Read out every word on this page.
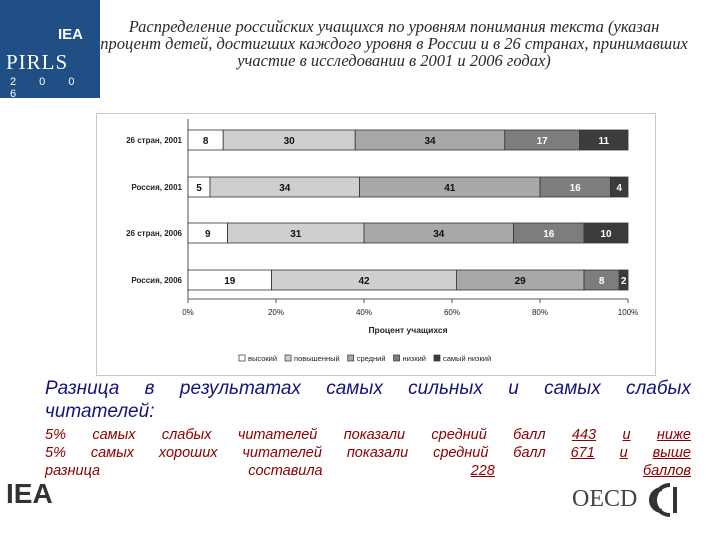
IEA
PIRLS
2 0 0 6
Распределение российских учащихся по уровням понимания текста (указан процент детей, достигших каждого уровня в России и в 26 странах, принимавших участие в исследовании в 2001 и 2006 годах)
26 стран, 2001 8	30	34	17	11
Россия, 2001 5	34	41	16	4
26 стран, 2006 9	31	34	16	10
Россия, 2006	19	42	29	8 2
0%	20%	40%	60%	80%	100%
Процент учащихся
высокий повышенный средний низкий самый низкий
Разница в результатах самых сильных и самых слабых
читателей:
5% самых слабых читателей показали средний балл 443 и ниже
5% самых хороших читателей показали средний балл 671 и выше
разница	составила	228	баллов
IEA	OECD
